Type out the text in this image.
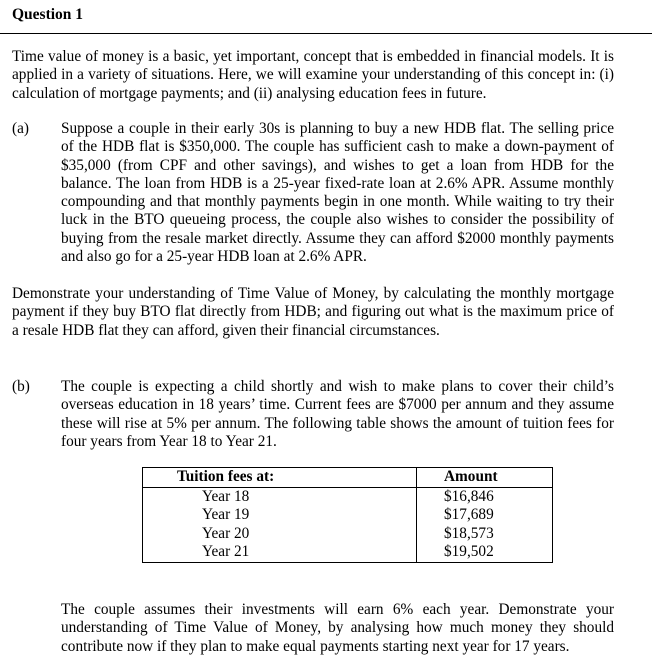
Question 1
Time value of money is a basic, yet important, concept that is embedded in financial models. It is applied in a variety of situations. Here, we will examine your understanding of this concept in: (i) calculation of mortgage payments; and (ii) analysing education fees in future.
(a) Suppose a couple in their early 30s is planning to buy a new HDB flat. The selling price of the HDB flat is $350,000. The couple has sufficient cash to make a down-payment of $35,000 (from CPF and other savings), and wishes to get a loan from HDB for the balance. The loan from HDB is a 25-year fixed-rate loan at 2.6% APR. Assume monthly compounding and that monthly payments begin in one month. While waiting to try their luck in the BTO queueing process, the couple also wishes to consider the possibility of buying from the resale market directly. Assume they can afford $2000 monthly payments and also go for a 25-year HDB loan at 2.6% APR.
Demonstrate your understanding of Time Value of Money, by calculating the monthly mortgage payment if they buy BTO flat directly from HDB; and figuring out what is the maximum price of a resale HDB flat they can afford, given their financial circumstances.
(b) The couple is expecting a child shortly and wish to make plans to cover their child’s overseas education in 18 years’ time. Current fees are $7000 per annum and they assume these will rise at 5% per annum. The following table shows the amount of tuition fees for four years from Year 18 to Year 21.
Tuition fees at:	Amount
Year 18	$16,846
Year 19	$17,689
Year 20	$18,573
Year 21	$19,502
The couple assumes their investments will earn 6% each year. Demonstrate your understanding of Time Value of Money, by analysing how much money they should contribute now if they plan to make equal payments starting next year for 17 years.
